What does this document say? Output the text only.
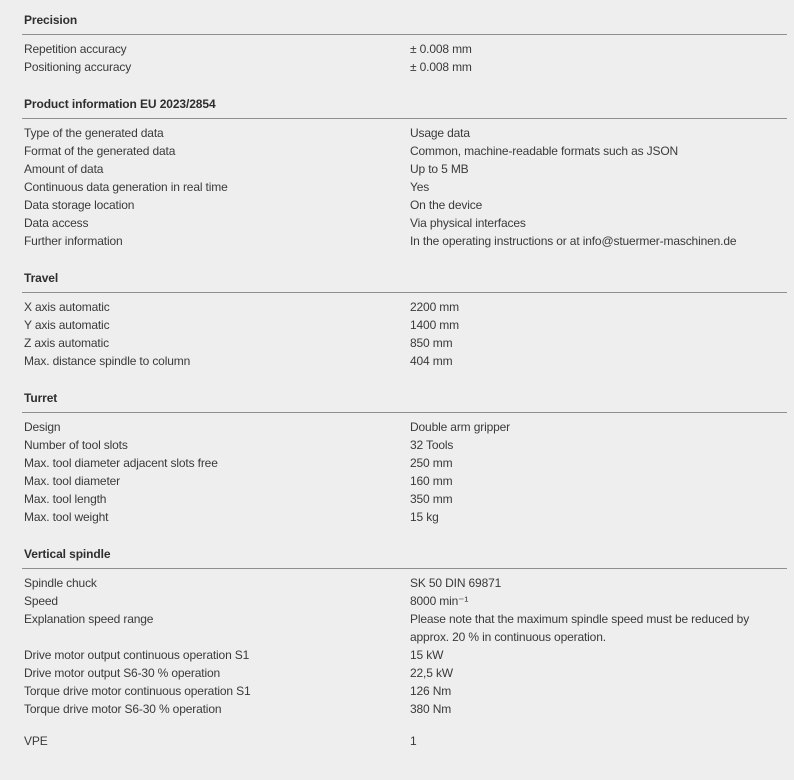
Precision
Repetition accuracy	± 0.008 mm
Positioning accuracy	± 0.008 mm
Product information EU 2023/2854
Type of the generated data	Usage data
Format of the generated data	Common, machine-readable formats such as JSON
Amount of data	Up to 5 MB
Continuous data generation in real time	Yes
Data storage location	On the device
Data access	Via physical interfaces
Further information	In the operating instructions or at info@stuermer-maschinen.de
Travel
X axis automatic	2200 mm
Y axis automatic	1400 mm
Z axis automatic	850 mm
Max. distance spindle to column	404 mm
Turret
Design	Double arm gripper
Number of tool slots	32 Tools
Max. tool diameter adjacent slots free	250 mm
Max. tool diameter	160 mm
Max. tool length	350 mm
Max. tool weight	15 kg
Vertical spindle
Spindle chuck	SK 50 DIN 69871
Speed	8000 min⁻¹
Explanation speed range	Please note that the maximum spindle speed must be reduced by approx. 20 % in continuous operation.
Drive motor output continuous operation S1	15 kW
Drive motor output S6-30 % operation	22,5 kW
Torque drive motor continuous operation S1	126 Nm
Torque drive motor S6-30 % operation	380 Nm
VPE	1
